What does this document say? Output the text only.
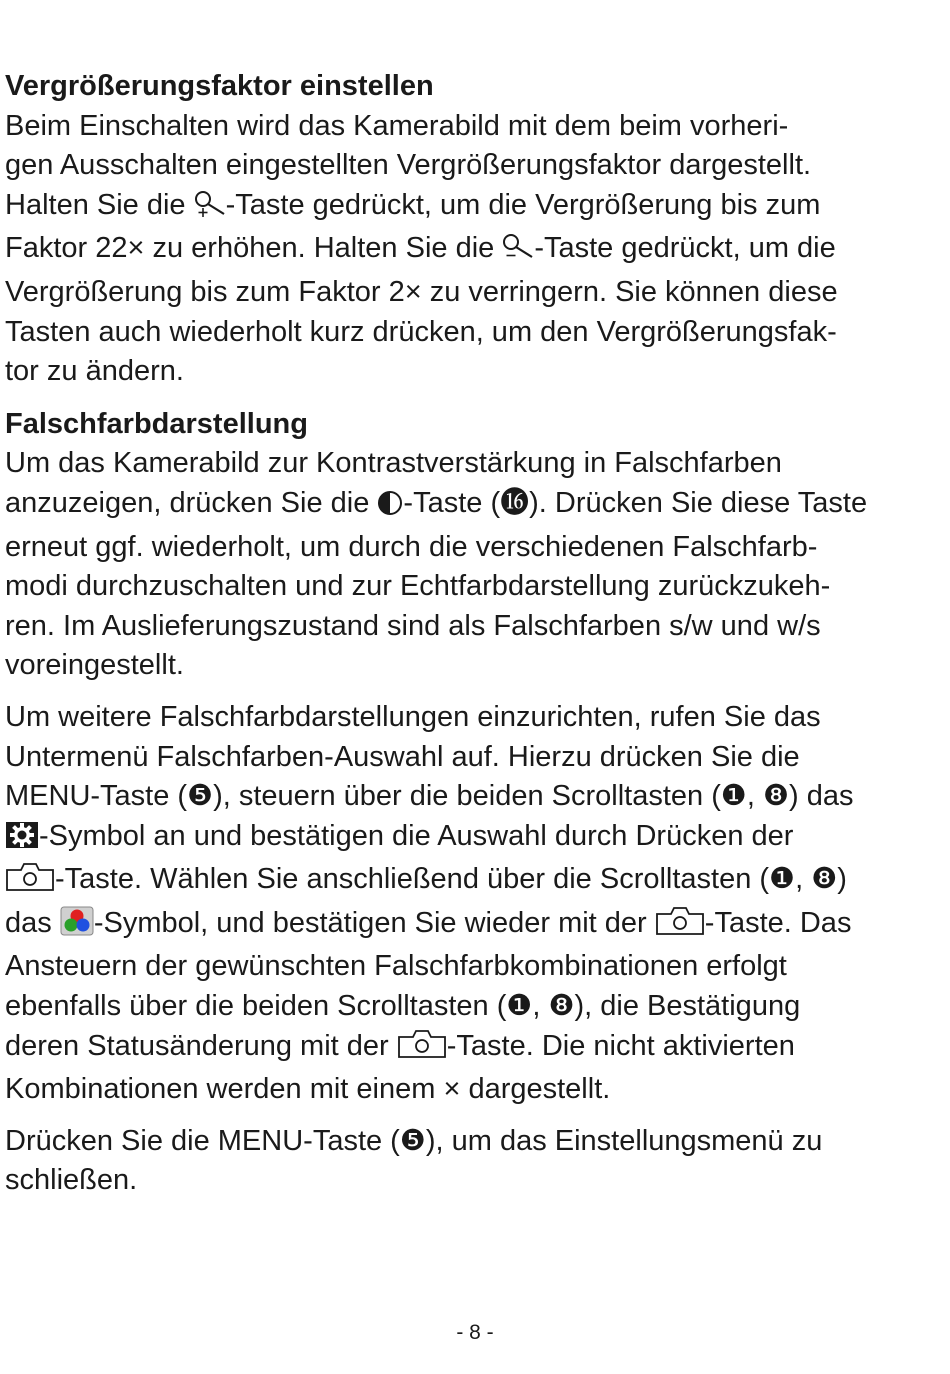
Vergrößerungsfaktor einstellen

Beim Einschalten wird das Kamerabild mit dem beim vorheri-

gen Ausschalten eingestellten Vergrößerungsfaktor dargestellt.

Halten Sie die -Taste gedrückt, um die Vergrößerung bis zum

Faktor 22× zu erhöhen. Halten Sie die -Taste gedrückt, um die

Vergrößerung bis zum Faktor 2× zu verringern. Sie können diese

Tasten auch wiederholt kurz drücken, um den Vergrößerungsfak-

tor zu ändern.

Falschfarbdarstellung

Um das Kamerabild zur Kontrastverstärkung in Falschfarben

anzuzeigen, drücken Sie die -Taste (⓰). Drücken Sie diese Taste

erneut ggf. wiederholt, um durch die verschiedenen Falschfarb-

modi durchzuschalten und zur Echtfarbdarstellung zurückzukeh-

ren. Im Auslieferungszustand sind als Falschfarben s/w und w/s

voreingestellt.

Um weitere Falschfarbdarstellungen einzurichten, rufen Sie das

Untermenü Falschfarben-Auswahl auf. Hierzu drücken Sie die

MENU-Taste (❺), steuern über die beiden Scrolltasten (❶, ❽) das

-Symbol an und bestätigen die Auswahl durch Drücken der

-Taste. Wählen Sie anschließend über die Scrolltasten (❶, ❽)

das -Symbol, und bestätigen Sie wieder mit der -Taste. Das

Ansteuern der gewünschten Falschfarbkombinationen erfolgt

ebenfalls über die beiden Scrolltasten (❶, ❽), die Bestätigung

deren Statusänderung mit der -Taste. Die nicht aktivierten

Kombinationen werden mit einem × dargestellt.

Drücken Sie die MENU-Taste (❺), um das Einstellungsmenü zu

schließen.

- 8 -
